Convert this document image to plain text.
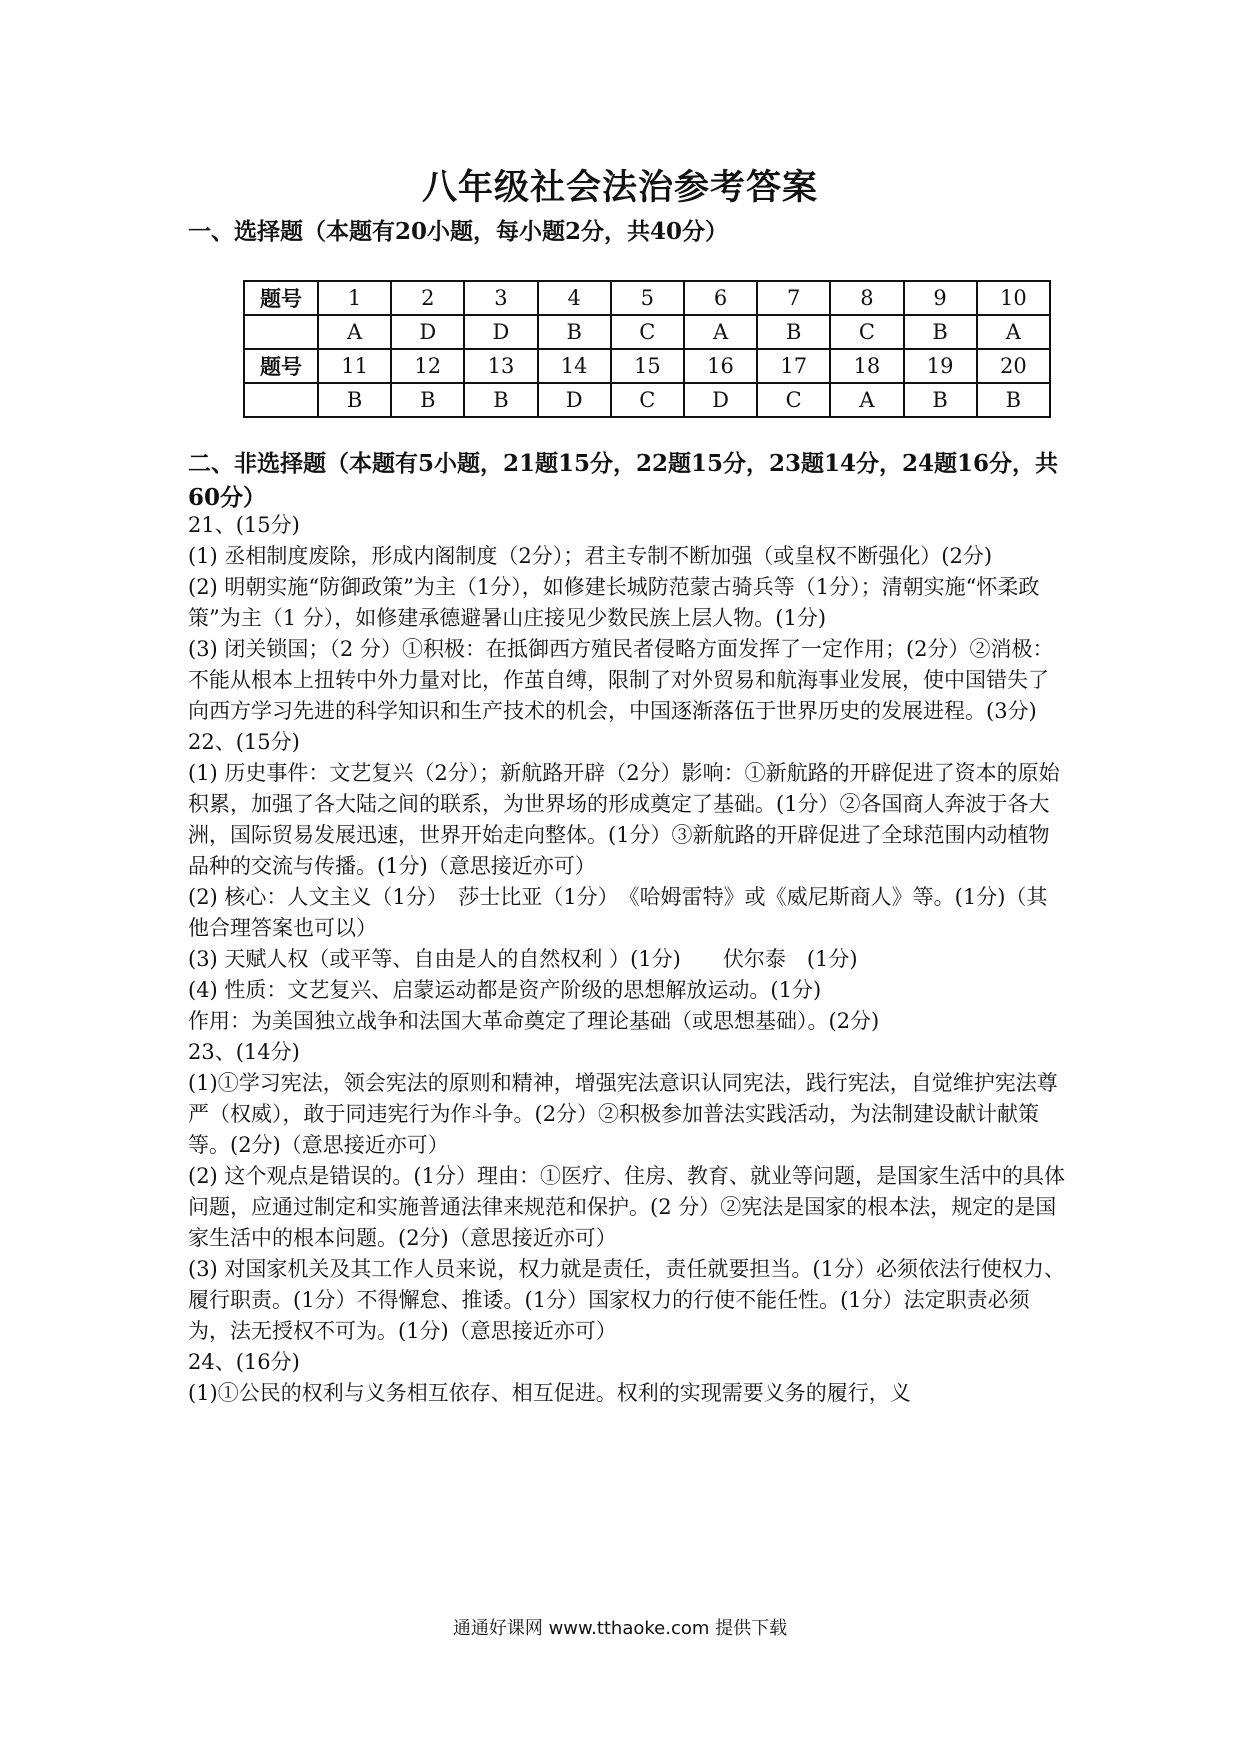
八年级社会法治参考答案
一、选择题（本题有20小题，每小题2分，共40分）
题号	1	2	3	4	5	6	7	8	9	10
	A	D	D	B	C	A	B	C	B	A
题号	11	12	13	14	15	16	17	18	19	20
	B	B	B	D	C	D	C	A	B	B
二、非选择题（本题有5小题，21题15分，22题15分，23题14分，24题16分，共60分）

21、(15分)

(1) 丞相制度废除，形成内阁制度（2分）；君主专制不断加强（或皇权不断强化）(2分)

(2) 明朝实施“防御政策”为主（1分），如修建长城防范蒙古骑兵等（1分）；清朝实施“怀柔政策”为主（1 分），如修建承德避暑山庄接见少数民族上层人物。(1分)

(3) 闭关锁国；（2 分）①积极：在抵御西方殖民者侵略方面发挥了一定作用；(2分）②消极：不能从根本上扭转中外力量对比，作茧自缚，限制了对外贸易和航海事业发展，使中国错失了向西方学习先进的科学知识和生产技术的机会，中国逐渐落伍于世界历史的发展进程。(3分)

22、(15分)

(1) 历史事件：文艺复兴（2分）；新航路开辟（2分）影响：①新航路的开辟促进了资本的原始积累，加强了各大陆之间的联系，为世界场的形成奠定了基础。(1分）②各国商人奔波于各大洲，国际贸易发展迅速，世界开始走向整体。(1分）③新航路的开辟促进了全球范围内动植物品种的交流与传播。(1分)（意思接近亦可）

(2) 核心：人文主义（1分）　莎士比亚（1分）　《哈姆雷特》或《威尼斯商人》等。(1分)（其他合理答案也可以）

(3) 天赋人权（或平等、自由是人的自然权利 ）(1分)　　伏尔泰　(1分)

(4) 性质：文艺复兴、启蒙运动都是资产阶级的思想解放运动。(1分)

作用：为美国独立战争和法国大革命奠定了理论基础（或思想基础）。(2分)

23、(14分)

(1)①学习宪法，领会宪法的原则和精神，增强宪法意识认同宪法，践行宪法，自觉维护宪法尊严（权威），敢于同违宪行为作斗争。(2分）②积极参加普法实践活动，为法制建设献计献策等。(2分)（意思接近亦可）

(2) 这个观点是错误的。(1分）理由：①医疗、住房、教育、就业等问题，是国家生活中的具体问题，应通过制定和实施普通法律来规范和保护。(2 分）②宪法是国家的根本法，规定的是国家生活中的根本问题。(2分)（意思接近亦可）

(3) 对国家机关及其工作人员来说，权力就是责任，责任就要担当。(1分）必须依法行使权力、履行职责。(1分）不得懈怠、推诿。(1分）国家权力的行使不能任性。(1分）法定职责必须为，法无授权不可为。(1分)（意思接近亦可）

24、(16分)

(1)①公民的权利与义务相互依存、相互促进。权利的实现需要义务的履行，义

通通好课网 www.tthaoke.com 提供下载
